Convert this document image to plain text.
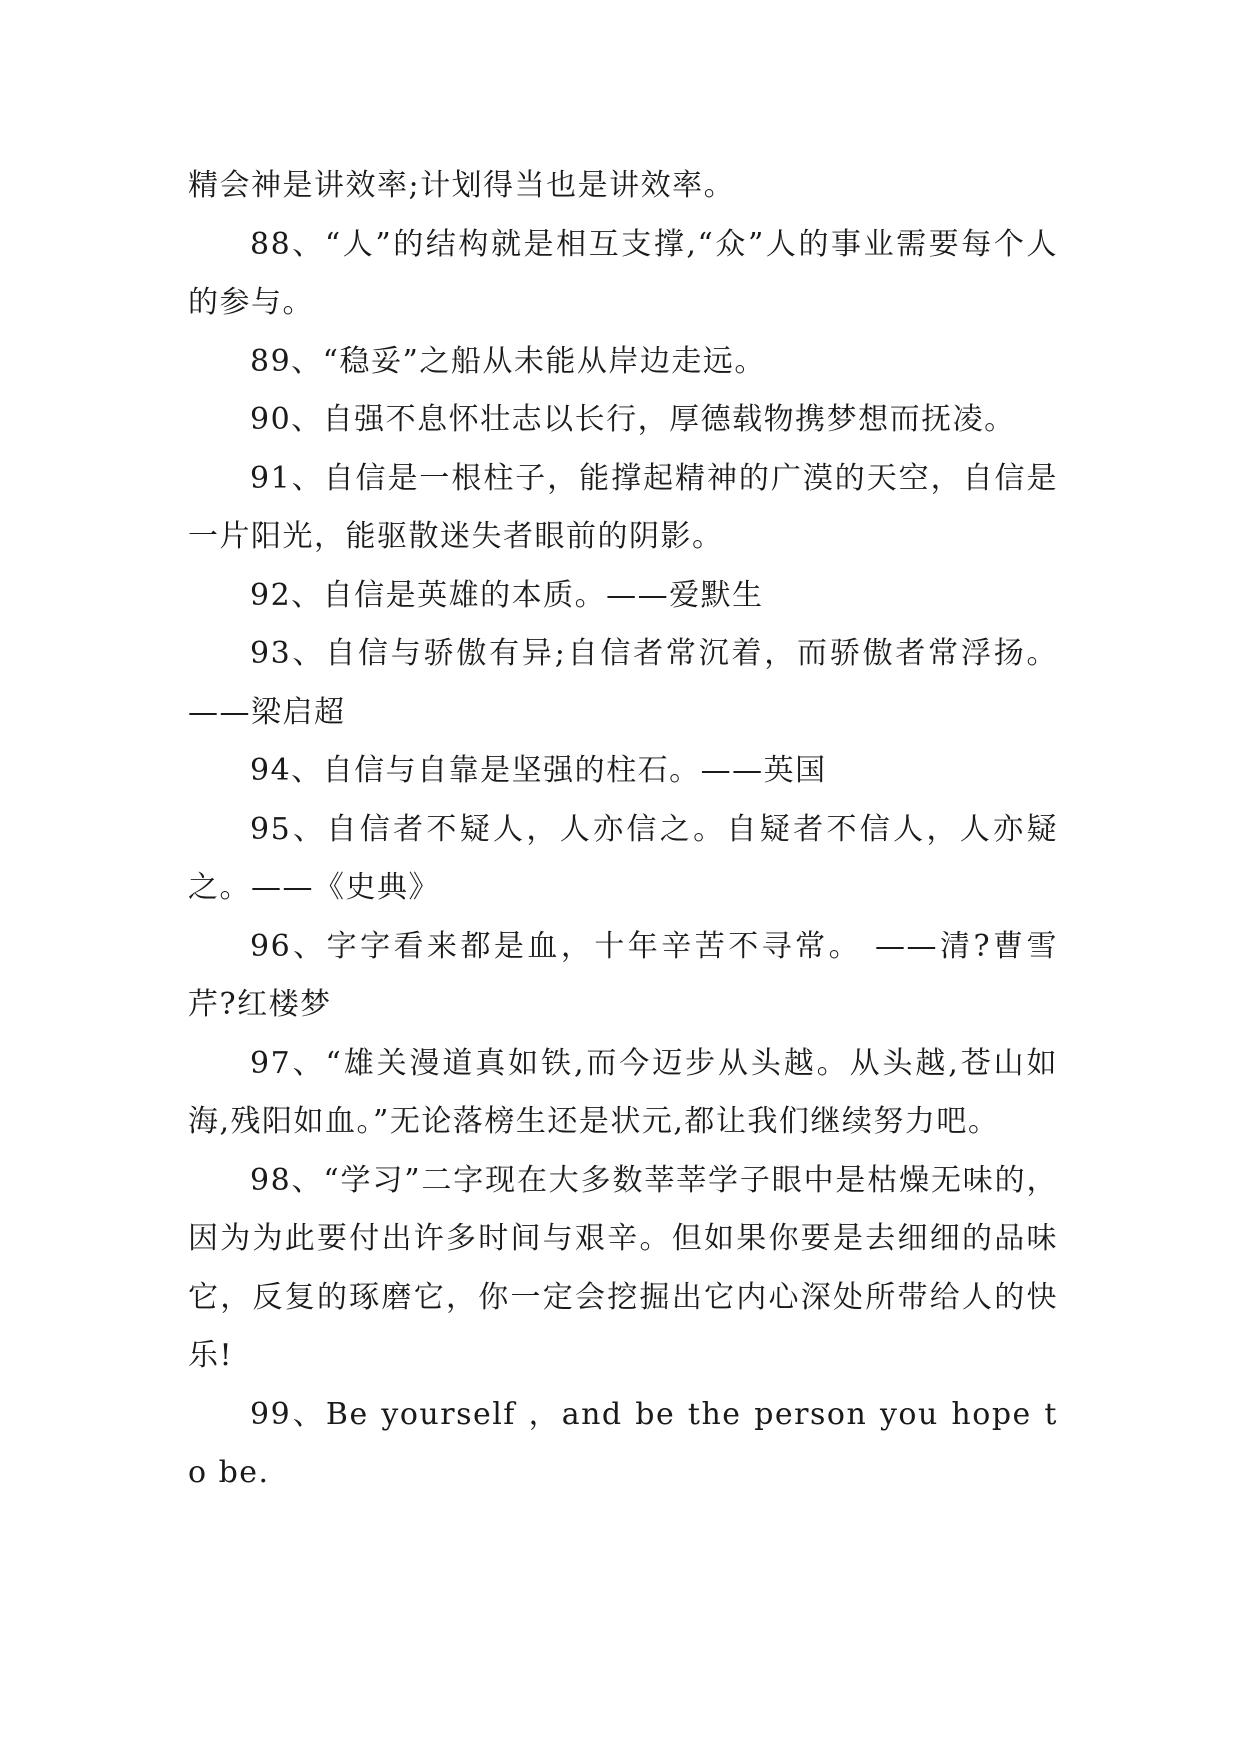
精会神是讲效率;计划得当也是讲效率。

88、“人”的结构就是相互支撑,“众”人的事业需要每个人的参与。

89、“稳妥”之船从未能从岸边走远。

90、自强不息怀壮志以长行，厚德载物携梦想而抚凌。

91、自信是一根柱子，能撑起精神的广漠的天空，自信是一片阳光，能驱散迷失者眼前的阴影。

92、自信是英雄的本质。——爱默生

93、自信与骄傲有异;自信者常沉着，而骄傲者常浮扬。——梁启超

94、自信与自靠是坚强的柱石。——英国

95、自信者不疑人，人亦信之。自疑者不信人，人亦疑之。——《史典》

96、字字看来都是血，十年辛苦不寻常。 ——清?曹雪芹?红楼梦

97、“雄关漫道真如铁,而今迈步从头越。从头越,苍山如海,残阳如血。”无论落榜生还是状元,都让我们继续努力吧。

98、“学习”二字现在大多数莘莘学子眼中是枯燥无味的，因为为此要付出许多时间与艰辛。但如果你要是去细细的品味它，反复的琢磨它，你一定会挖掘出它内心深处所带给人的快乐!

99、Be yourself ，and be the person you hope to be.
